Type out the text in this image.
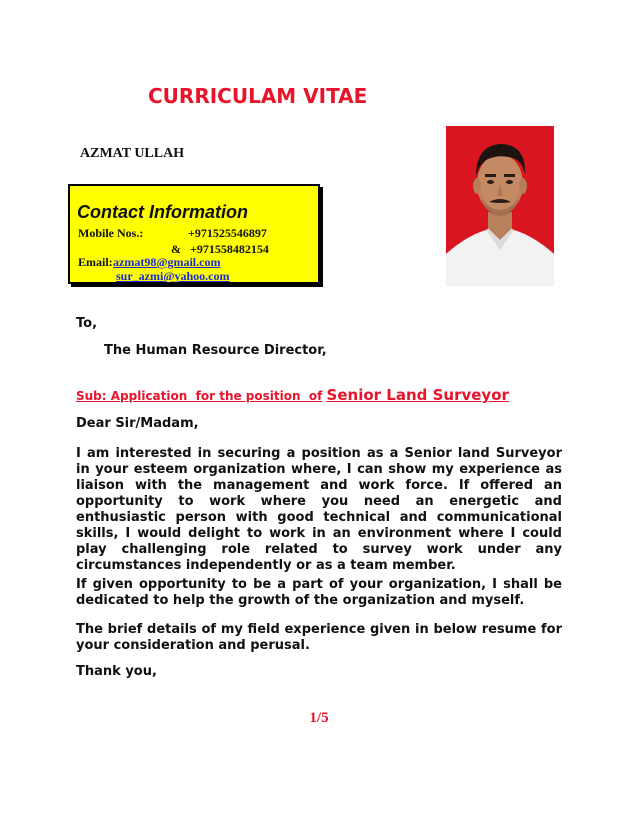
CURRICULAM VITAE
AZMAT ULLAH
Contact Information
Mobile Nos.:	+971525546897
&   +971558482154
Email: azmat98@gmail.com
sur_azmi@yahoo.com
To,
The Human Resource Director,
Sub: Application  for the position  of Senior Land Surveyor
Dear Sir/Madam,
I am interested in securing a position as a Senior land Surveyor in your esteem organization where, I can show my experience as liaison with the management and work force. If offered an opportunity to work where you need an energetic and enthusiastic person with good technical and communicational skills, I would delight to work in an environment where I could play challenging role related to survey work under any circumstances independently or as a team member.
If given opportunity to be a part of your organization, I shall be dedicated to help the growth of the organization and myself.
The brief details of my field experience given in below resume for your consideration and perusal.
Thank you,
1/5
